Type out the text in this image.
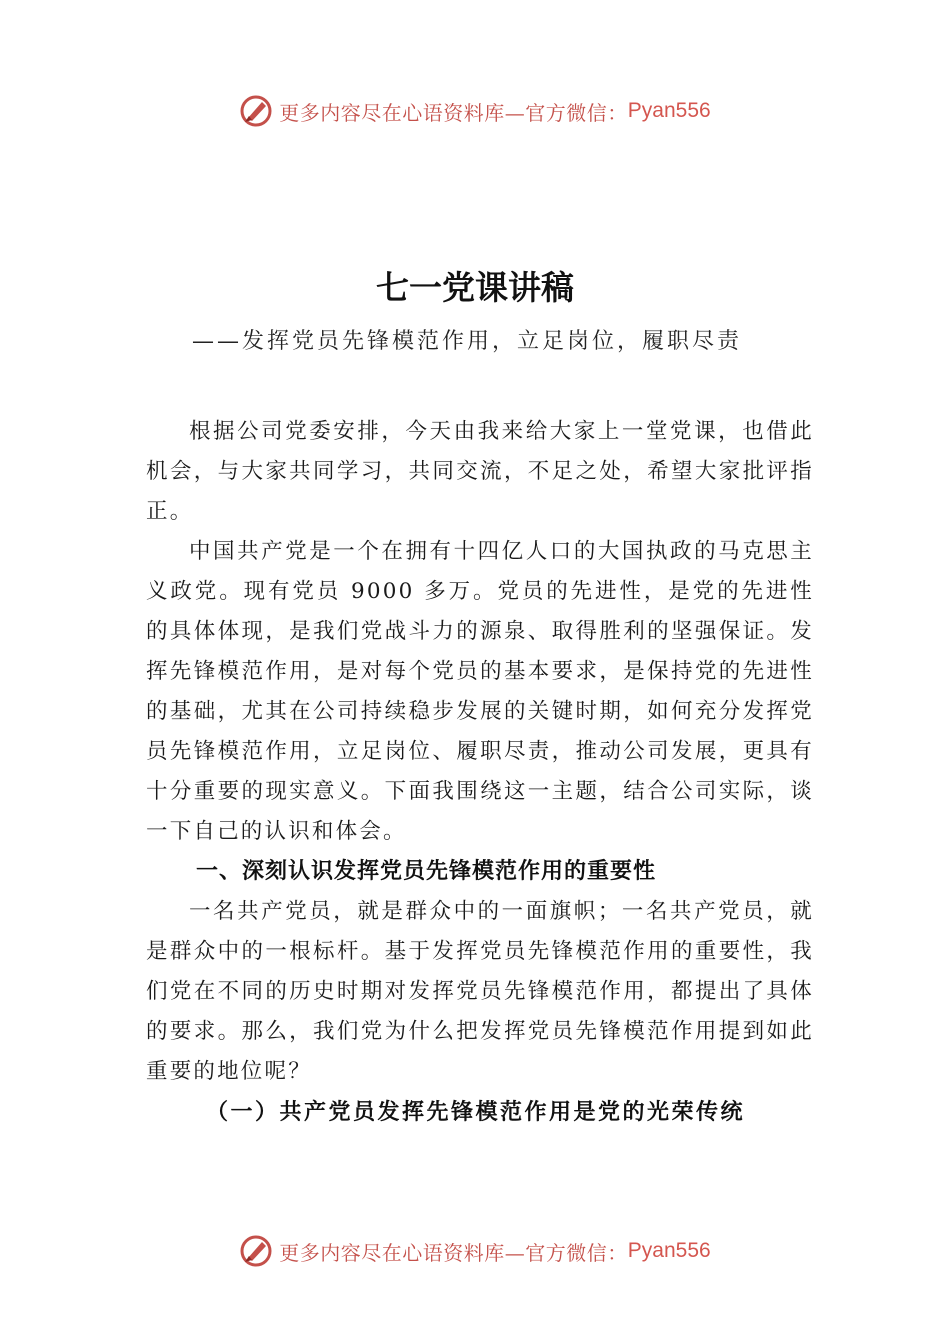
更多内容尽在心语资料库—官方微信： Pyan556
七一党课讲稿

——发挥党员先锋模范作用，立足岗位，履职尽责

根据公司党委安排，今天由我来给大家上一堂党课，也借此机会，与大家共同学习，共同交流，不足之处，希望大家批评指正。

中国共产党是一个在拥有十四亿人口的大国执政的马克思主义政党。现有党员 9000 多万。党员的先进性，是党的先进性的具体体现，是我们党战斗力的源泉、取得胜利的坚强保证。发挥先锋模范作用，是对每个党员的基本要求，是保持党的先进性的基础，尤其在公司持续稳步发展的关键时期，如何充分发挥党员先锋模范作用，立足岗位、履职尽责，推动公司发展，更具有十分重要的现实意义。下面我围绕这一主题，结合公司实际，谈一下自己的认识和体会。

一、深刻认识发挥党员先锋模范作用的重要性

一名共产党员，就是群众中的一面旗帜；一名共产党员，就是群众中的一根标杆。基于发挥党员先锋模范作用的重要性，我们党在不同的历史时期对发挥党员先锋模范作用，都提出了具体的要求。那么，我们党为什么把发挥党员先锋模范作用提到如此重要的地位呢？

（一）共产党员发挥先锋模范作用是党的光荣传统
更多内容尽在心语资料库—官方微信： Pyan556
